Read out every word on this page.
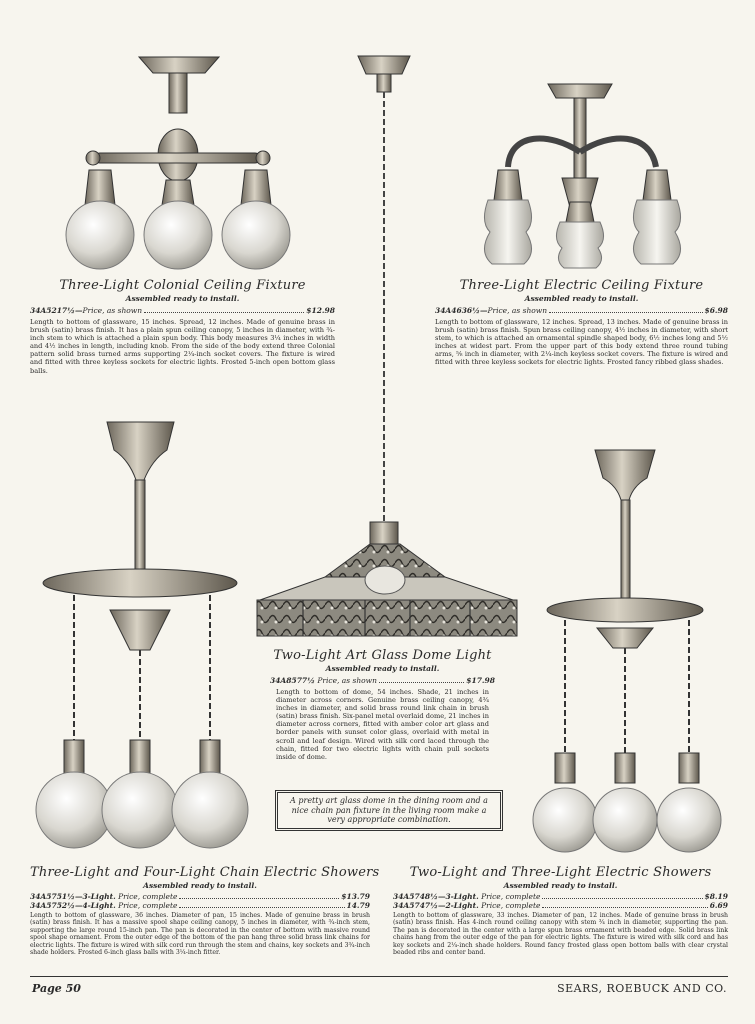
Three-Light Colonial Ceiling Fixture
Assembled ready to install.
34A5217½—Price, as shown	$12.98
Length to bottom of glassware, 15 inches. Spread, 12 inches. Made of genuine brass in brush (satin) brass finish. It has a plain spun ceiling canopy, 5 inches in diameter, with ¾-inch stem to which is attached a plain spun body. This body measures 3¼ inches in width and 4½ inches in length, including knob. From the side of the body extend three Colonial pattern solid brass turned arms supporting 2¼-inch socket covers. The fixture is wired and fitted with three keyless sockets for electric lights. Frosted 5-inch open bottom glass balls.
Three-Light Electric Ceiling Fixture
Assembled ready to install.
34A4636½—Price, as shown	$6.98
Length to bottom of glassware, 12 inches. Spread, 13 inches. Made of genuine brass in brush (satin) brass finish. Spun brass ceiling canopy, 4½ inches in diameter, with short stem, to which is attached an ornamental spindle shaped body, 6½ inches long and 5½ inches at widest part. From the upper part of this body extend three round tubing arms, ⅝ inch in diameter, with 2¼-inch keyless socket covers. The fixture is wired and fitted with three keyless sockets for electric lights. Frosted fancy ribbed glass shades.
Two-Light Art Glass Dome Light
Assembled ready to install.
34A8577½ Price, as shown	$17.98
Length to bottom of dome, 54 inches. Shade, 21 inches in diameter across corners. Genuine brass ceiling canopy, 4¾ inches in diameter, and solid brass round link chain in brush (satin) brass finish. Six-panel metal overlaid dome, 21 inches in diameter across corners, fitted with amber color art glass and border panels with sunset color glass, overlaid with metal in scroll and leaf design. Wired with silk cord laced through the chain, fitted for two electric lights with chain pull sockets inside of dome.
A pretty art glass dome in the dining room and a nice chain pan fixture in the living room make a very appropriate combination.
Three-Light and Four-Light Chain Electric Showers
Assembled ready to install.
34A5751½—3-Light. Price, complete	$13.79
34A5752½—4-Light. Price, complete	14.79
Length to bottom of glassware, 36 inches. Diameter of pan, 15 inches. Made of genuine brass in brush (satin) brass finish. It has a massive spool shape ceiling canopy, 5 inches in diameter, with ¾-inch stem, supporting the large round 15-inch pan. The pan is decorated in the center of bottom with massive round spool shape ornament. From the outer edge of the bottom of the pan hang three solid brass link chains for electric lights. The fixture is wired with silk cord run through the stem and chains, key sockets and 3¾-inch shade holders. Frosted 6-inch glass balls with 3¼-inch fitter.
Two-Light and Three-Light Electric Showers
Assembled ready to install.
34A5748½—3-Light. Price, complete	$8.19
34A5747½—2-Light. Price, complete	6.69
Length to bottom of glassware, 33 inches. Diameter of pan, 12 inches. Made of genuine brass in brush (satin) brass finish. Has 4-inch round ceiling canopy with stem ¾ inch in diameter, supporting the pan. The pan is decorated in the center with a large spun brass ornament with beaded edge. Solid brass link chains hang from the outer edge of the pan for electric lights. The fixture is wired with silk cord and has key sockets and 2¼-inch shade holders. Round fancy frosted glass open bottom balls with clear crystal beaded ribs and center band.
Page 50	SEARS, ROEBUCK AND CO.
